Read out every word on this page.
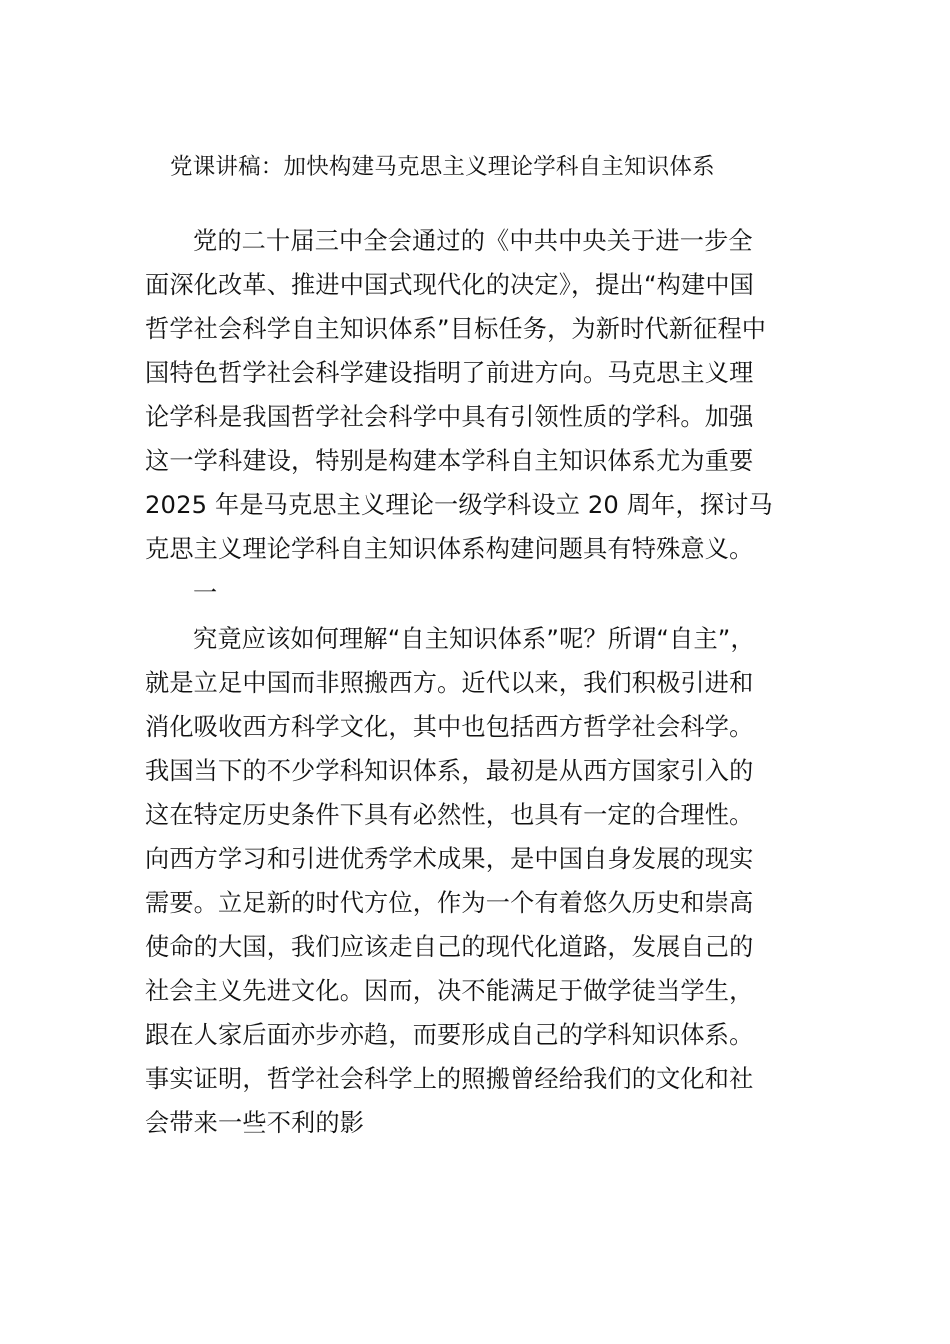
党课讲稿：加快构建马克思主义理论学科自主知识体系
党的二十届三中全会通过的《中共中央关于进一步全
面深化改革、推进中国式现代化的决定》，提出“构建中国
哲学社会科学自主知识体系”目标任务，为新时代新征程中
国特色哲学社会科学建设指明了前进方向。马克思主义理
论学科是我国哲学社会科学中具有引领性质的学科。加强
这一学科建设，特别是构建本学科自主知识体系尤为重要
2025 年是马克思主义理论一级学科设立 20 周年，探讨马
克思主义理论学科自主知识体系构建问题具有特殊意义。
一
究竟应该如何理解“自主知识体系”呢？所谓“自主”，
就是立足中国而非照搬西方。近代以来，我们积极引进和
消化吸收西方科学文化，其中也包括西方哲学社会科学。
我国当下的不少学科知识体系，最初是从西方国家引入的
这在特定历史条件下具有必然性，也具有一定的合理性。
向西方学习和引进优秀学术成果，是中国自身发展的现实
需要。立足新的时代方位，作为一个有着悠久历史和崇高
使命的大国，我们应该走自己的现代化道路，发展自己的
社会主义先进文化。因而，决不能满足于做学徒当学生，
跟在人家后面亦步亦趋，而要形成自己的学科知识体系。
事实证明，哲学社会科学上的照搬曾经给我们的文化和社
会带来一些不利的影
